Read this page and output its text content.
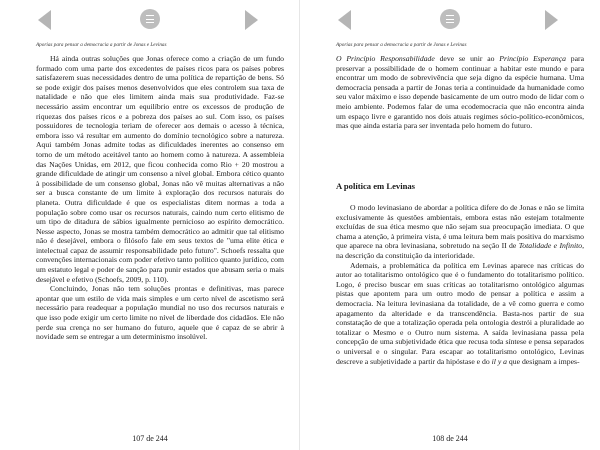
Aporias para pensar a democracia a partir de Jonas e Levinas

Há ainda outras soluções que Jonas oferece como a criação de um fundo formado com uma parte dos excedentes de países ricos para os países pobres satisfazerem suas necessidades dentro de uma política de repartição de bens. Só se pode exigir dos países menos desenvolvidos que eles controlem sua taxa de natalidade e não que eles limitem ainda mais sua produtividade. Faz-se necessário assim encontrar um equilíbrio entre os excessos de produção de riquezas dos países ricos e a pobreza dos países ao sul. Com isso, os países possuidores de tecnologia teriam de oferecer aos demais o acesso à técnica, embora isso vá resultar em aumento do domínio tecnológico sobre a natureza. Aqui também Jonas admite todas as dificuldades inerentes ao consenso em torno de um método aceitável tanto ao homem como à natureza. A assembleia das Nações Unidas, em 2012, que ficou conhecida como Rio + 20 mostrou a grande dificuldade de atingir um consenso a nível global. Embora cético quanto à possibilidade de um consenso global, Jonas não vê muitas alternativas a não ser a busca constante de um limite à exploração dos recursos naturais do planeta. Outra dificuldade é que os especialistas ditem normas a toda a população sobre como usar os recursos naturais, caindo num certo elitismo de um tipo de ditadura de sábios igualmente pernicioso ao espírito democrático. Nesse aspecto, Jonas se mostra também democrático ao admitir que tal elitismo não é desejável, embora o filósofo fale em seus textos de "uma elite ética e intelectual capaz de assumir responsabilidade pelo futuro". Schoefs ressalta que convenções internacionais com poder efetivo tanto político quanto jurídico, com um estatuto legal e poder de sanção para punir estados que abusam seria o mais desejável e efetivo (Schoefs, 2009, p. 110).

Concluindo, Jonas não tem soluções prontas e definitivas, mas parece apontar que um estilo de vida mais simples e um certo nível de ascetismo será necessário para readequar a população mundial no uso dos recursos naturais e que isso pode exigir um certo limite no nível de liberdade dos cidadãos. Ele não perde sua crença no ser humano do futuro, aquele que é capaz de se abrir à novidade sem se entregar a um determinismo insolúvel.

107 de 244
Aporias para pensar a democracia a partir de Jonas e Levinas

O Princípio Responsabilidade deve se unir ao Princípio Esperança para preservar a possibilidade de o homem continuar a habitar este mundo e para encontrar um modo de sobrevivência que seja digno da espécie humana. Uma democracia pensada a partir de Jonas teria a continuidade da humanidade como seu valor máximo e isso depende basicamente de um outro modo de lidar com o meio ambiente. Podemos falar de uma ecodemocracia que não encontra ainda um espaço livre e garantido nos dois atuais regimes sócio-político-econômicos, mas que ainda estaria para ser inventada pelo homem do futuro.

A política em Levinas

O modo levinasiano de abordar a política difere do de Jonas e não se limita exclusivamente às questões ambientais, embora estas não estejam totalmente excluídas de sua ética mesmo que não sejam sua preocupação imediata. O que chama a atenção, à primeira vista, é uma leitura bem mais positiva do marxismo que aparece na obra levinasiana, sobretudo na seção II de Totalidade e Infinito, na descrição da constituição da interioridade.

Ademais, a problemática da política em Levinas aparece nas críticas do autor ao totalitarismo ontológico que é o fundamento do totalitarismo político. Logo, é preciso buscar em suas críticas ao totalitarismo ontológico algumas pistas que apontem para um outro modo de pensar a política e assim a democracia. Na leitura levinasiana da totalidade, de a vê como guerra e como apagamento da alteridade e da transcendência. Basta-nos partir de sua constatação de que a totalização operada pela ontologia destrói a pluralidade ao totalizar o Mesmo e o Outro num sistema. A saída levinasiana passa pela concepção de uma subjetividade ética que recusa toda síntese e pensa separados o universal e o singular. Para escapar ao totalitarismo ontológico, Levinas descreve a subjetividade a partir da hipóstase e do il y a que designam a impes-

108 de 244
